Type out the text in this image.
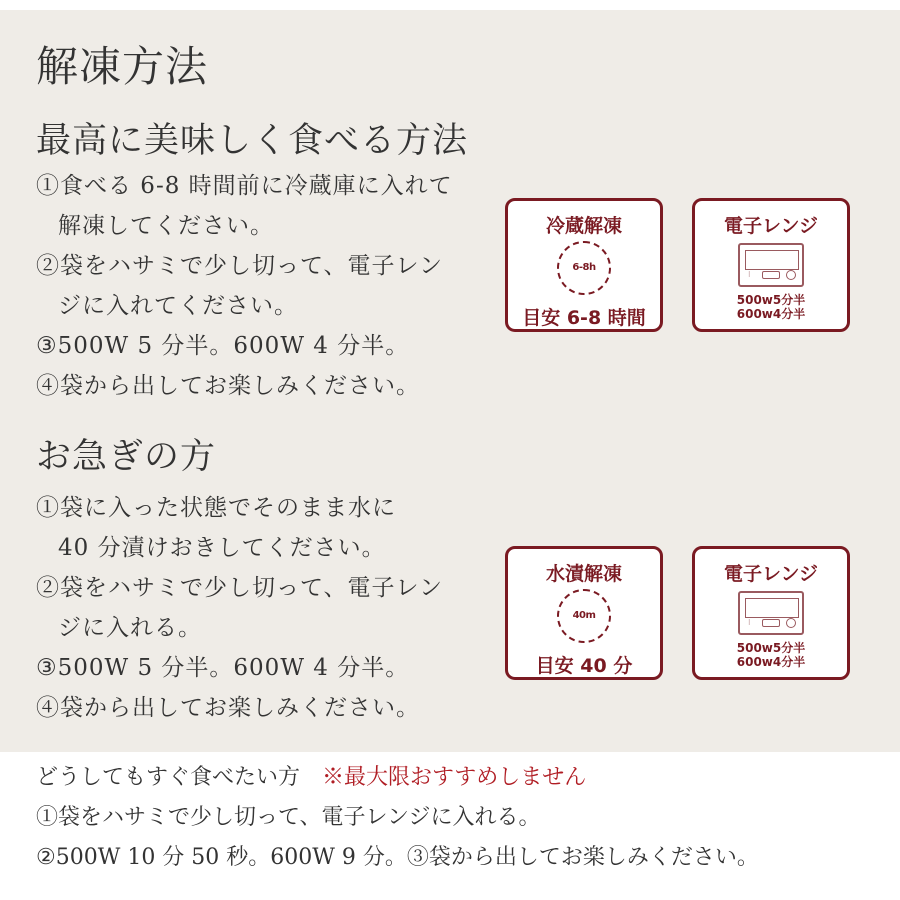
解凍方法
最高に美味しく食べる方法
①食べる 6-8 時間前に冷蔵庫に入れて
解凍してください。
②袋をハサミで少し切って、電子レン
ジに入れてください。
③500W 5 分半。600W 4 分半。
④袋から出してお楽しみください。
冷蔵解凍
6-8h
目安 6-8 時間
電子レンジ
⁝
500w5分半
600w4分半
お急ぎの方
①袋に入った状態でそのまま水に
40 分漬けおきしてください。
②袋をハサミで少し切って、電子レン
ジに入れる。
③500W 5 分半。600W 4 分半。
④袋から出してお楽しみください。
水漬解凍
40m
目安 40 分
電子レンジ
⁝
500w5分半
600w4分半
どうしてもすぐ食べたい方 ※最大限おすすめしません
①袋をハサミで少し切って、電子レンジに入れる。
②500W 10 分 50 秒。600W 9 分。③袋から出してお楽しみください。
